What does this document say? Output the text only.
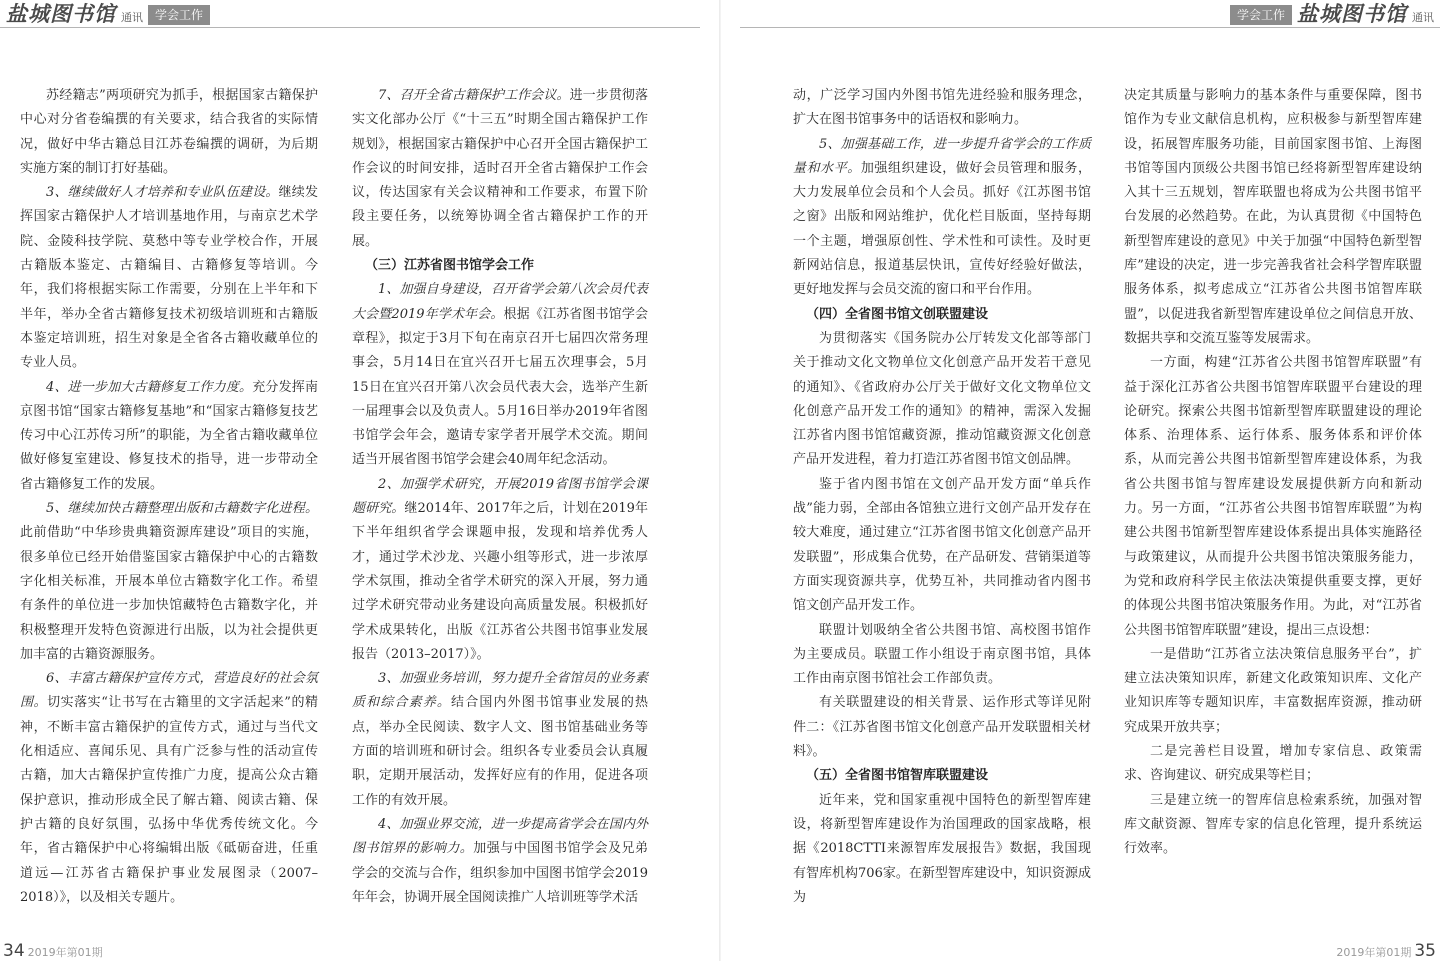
盐城图书馆 通讯	学会工作	学会工作 盐城图书馆 通讯

苏经籍志”两项研究为抓手，根据国家古籍保护中心对分省卷编撰的有关要求，结合我省的实际情况，做好中华古籍总目江苏卷编撰的调研，为后期实施方案的制订打好基础。

3、继续做好人才培养和专业队伍建设。继续发挥国家古籍保护人才培训基地作用，与南京艺术学院、金陵科技学院、莫愁中等专业学校合作，开展古籍版本鉴定、古籍编目、古籍修复等培训。今年，我们将根据实际工作需要，分别在上半年和下半年，举办全省古籍修复技术初级培训班和古籍版本鉴定培训班，招生对象是全省各古籍收藏单位的专业人员。

4、进一步加大古籍修复工作力度。充分发挥南京图书馆“国家古籍修复基地”和“国家古籍修复技艺传习中心江苏传习所”的职能，为全省古籍收藏单位做好修复室建设、修复技术的指导，进一步带动全省古籍修复工作的发展。

5、继续加快古籍整理出版和古籍数字化进程。此前借助“中华珍贵典籍资源库建设”项目的实施，很多单位已经开始借鉴国家古籍保护中心的古籍数字化相关标准，开展本单位古籍数字化工作。希望有条件的单位进一步加快馆藏特色古籍数字化，并积极整理开发特色资源进行出版，以为社会提供更加丰富的古籍资源服务。

6、丰富古籍保护宣传方式，营造良好的社会氛围。切实落实“让书写在古籍里的文字活起来”的精神，不断丰富古籍保护的宣传方式，通过与当代文化相适应、喜闻乐见、具有广泛参与性的活动宣传古籍，加大古籍保护宣传推广力度，提高公众古籍保护意识，推动形成全民了解古籍、阅读古籍、保护古籍的良好氛围，弘扬中华优秀传统文化。今年，省古籍保护中心将编辑出版《砥砺奋进，任重道远—江苏省古籍保护事业发展图录（2007–2018）》，以及相关专题片。

7、召开全省古籍保护工作会议。进一步贯彻落实文化部办公厅《“十三五”时期全国古籍保护工作规划》，根据国家古籍保护中心召开全国古籍保护工作会议的时间安排，适时召开全省古籍保护工作会议，传达国家有关会议精神和工作要求，布置下阶段主要任务，以统筹协调全省古籍保护工作的开展。

（三）江苏省图书馆学会工作

1、加强自身建设，召开省学会第八次会员代表大会暨2019年学术年会。根据《江苏省图书馆学会章程》，拟定于3月下旬在南京召开七届四次常务理事会，5月14日在宜兴召开七届五次理事会，5月15日在宜兴召开第八次会员代表大会，选举产生新一届理事会以及负责人。5月16日举办2019年省图书馆学会年会，邀请专家学者开展学术交流。期间适当开展省图书馆学会建会40周年纪念活动。

2、加强学术研究，开展2019省图书馆学会课题研究。继2014年、2017年之后，计划在2019年下半年组织省学会课题申报，发现和培养优秀人才，通过学术沙龙、兴趣小组等形式，进一步浓厚学术氛围，推动全省学术研究的深入开展，努力通过学术研究带动业务建设向高质量发展。积极抓好学术成果转化，出版《江苏省公共图书馆事业发展报告（2013–2017）》。

3、加强业务培训，努力提升全省馆员的业务素质和综合素养。结合国内外图书馆事业发展的热点，举办全民阅读、数字人文、图书馆基础业务等方面的培训班和研讨会。组织各专业委员会认真履职，定期开展活动，发挥好应有的作用，促进各项工作的有效开展。

4、加强业界交流，进一步提高省学会在国内外图书馆界的影响力。加强与中国图书馆学会及兄弟学会的交流与合作，组织参加中国图书馆学会2019年年会，协调开展全国阅读推广人培训班等学术活

动，广泛学习国内外图书馆先进经验和服务理念，扩大在图书馆事务中的话语权和影响力。

5、加强基础工作，进一步提升省学会的工作质量和水平。加强组织建设，做好会员管理和服务，大力发展单位会员和个人会员。抓好《江苏图书馆之窗》出版和网站维护，优化栏目版面，坚持每期一个主题，增强原创性、学术性和可读性。及时更新网站信息，报道基层快讯，宣传好经验好做法，更好地发挥与会员交流的窗口和平台作用。

（四）全省图书馆文创联盟建设

为贯彻落实《国务院办公厅转发文化部等部门关于推动文化文物单位文化创意产品开发若干意见的通知》、《省政府办公厅关于做好文化文物单位文化创意产品开发工作的通知》的精神，需深入发掘江苏省内图书馆馆藏资源，推动馆藏资源文化创意产品开发进程，着力打造江苏省图书馆文创品牌。

鉴于省内图书馆在文创产品开发方面“单兵作战”能力弱，全部由各馆独立进行文创产品开发存在较大难度，通过建立“江苏省图书馆文化创意产品开发联盟”，形成集合优势，在产品研发、营销渠道等方面实现资源共享，优势互补，共同推动省内图书馆文创产品开发工作。

联盟计划吸纳全省公共图书馆、高校图书馆作为主要成员。联盟工作小组设于南京图书馆，具体工作由南京图书馆社会工作部负责。

有关联盟建设的相关背景、运作形式等详见附件二：《江苏省图书馆文化创意产品开发联盟相关材料》。

（五）全省图书馆智库联盟建设

近年来，党和国家重视中国特色的新型智库建设，将新型智库建设作为治国理政的国家战略，根据《2018CTTI来源智库发展报告》数据，我国现有智库机构706家。在新型智库建设中，知识资源成为

决定其质量与影响力的基本条件与重要保障，图书馆作为专业文献信息机构，应积极参与新型智库建设，拓展智库服务功能，目前国家图书馆、上海图书馆等国内顶级公共图书馆已经将新型智库建设纳入其十三五规划，智库联盟也将成为公共图书馆平台发展的必然趋势。在此，为认真贯彻《中国特色新型智库建设的意见》中关于加强“中国特色新型智库”建设的决定，进一步完善我省社会科学智库联盟服务体系，拟考虑成立“江苏省公共图书馆智库联盟”，以促进我省新型智库建设单位之间信息开放、数据共享和交流互鉴等发展需求。

一方面，构建“江苏省公共图书馆智库联盟”有益于深化江苏省公共图书馆智库联盟平台建设的理论研究。探索公共图书馆新型智库联盟建设的理论体系、治理体系、运行体系、服务体系和评价体系，从而完善公共图书馆新型智库建设体系，为我省公共图书馆与智库建设发展提供新方向和新动力。另一方面，“江苏省公共图书馆智库联盟”为构建公共图书馆新型智库建设体系提出具体实施路径与政策建议，从而提升公共图书馆决策服务能力，为党和政府科学民主依法决策提供重要支撑，更好的体现公共图书馆决策服务作用。为此，对“江苏省公共图书馆智库联盟”建设，提出三点设想：

一是借助“江苏省立法决策信息服务平台”，扩建立法决策知识库，新建文化政策知识库、文化产业知识库等专题知识库，丰富数据库资源，推动研究成果开放共享；

二是完善栏目设置，增加专家信息、政策需求、咨询建议、研究成果等栏目；

三是建立统一的智库信息检索系统，加强对智库文献资源、智库专家的信息化管理，提升系统运行效率。

34 2019年第01期	2019年第01期 35
